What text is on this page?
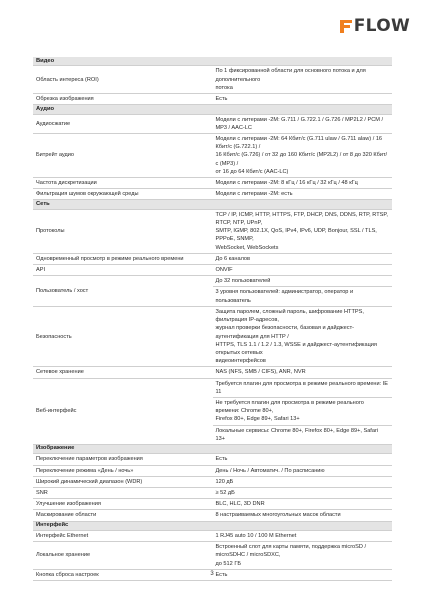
FLOW
Видео	
Область интереса (ROI)	По 1 фиксированной области для основного потока и для дополнительного
потока

Обрезка изображения	Есть

Аудио	
Аудиосжатие	Модели с литерами -2M: G.711 / G.722.1 / G.726 / MP2L2 / PCM / MP3 / AAC-LC

Битрейт аудио	Модели с литерами -2M: 64 Кбит/с (G.711 ulaw / G.711 alaw) / 16 Кбит/с (G.722.1) /
16 Кбит/с (G.726) / от 32 до 160 Кбит/с (MP2L2) / от 8 до 320 Кбит/с (MP3) /
от 16 до 64 Кбит/с (AAC-LC)

Частота дискретизации	Модели с литерами -2M: 8 кГц / 16 кГц / 32 кГц / 48 кГц

Фильтрация шумов окружающей среды	Модели с литерами -2M: есть

Сеть	
Протоколы	TCP / IP, ICMP, HTTP, HTTPS, FTP, DHCP, DNS, DDNS, RTP, RTSP, RTCP, NTP, UPnP,
SMTP, IGMP, 802.1X, QoS, IPv4, IPv6, UDP, Bonjour, SSL / TLS, PPPoE, SNMP,
WebSocket, WebSockets

Одновременный просмотр в режиме реального времени	До 6 каналов

API	ONVIF

Пользователь / хост	До 32 пользователей
	3 уровня пользователей: администратор, оператор и пользователь
Безопасность	Защита паролем, сложный пароль, шифрование HTTPS, фильтрация IP-адресов,
журнал проверки безопасности, базовая и дайджест-аутентификация для HTTP /
HTTPS, TLS 1.1 / 1.2 / 1.3, WSSE и дайджест-аутентификация открытых сетевых
видеоинтерфейсов

Сетевое хранение	NAS (NFS, SMB / CIFS), ANR, NVR

Веб-интерфейс	Требуется плагин для просмотра в режиме реального времени: IE 11

	Не требуется плагин для просмотра в режиме реального времени: Chrome 80+,
Firefox 80+, Edge 89+, Safari 13+

	Локальные сервисы: Chrome 80+, Firefox 80+, Edge 89+, Safari 13+

Изображение	
Переключение параметров изображения	Есть

Переключение режима «День / ночь»	День / Ночь / Автоматич. / По расписанию

Широкий динамический диапазон (WDR)	120 дБ

SNR	≥ 52 дБ

Улучшение изображения	BLC, HLC, 3D DNR

Маскирование области	8 настраиваемых многоугольных масок области

Интерфейс	
Интерфейс Ethernet	1 RJ45 auto 10 / 100 M Ethernet

Локальное хранение	Встроенный слот для карты памяти, поддержка microSD / microSDHC / microSDXC,
до 512 ГБ

Кнопка сброса настроек	Есть
3
